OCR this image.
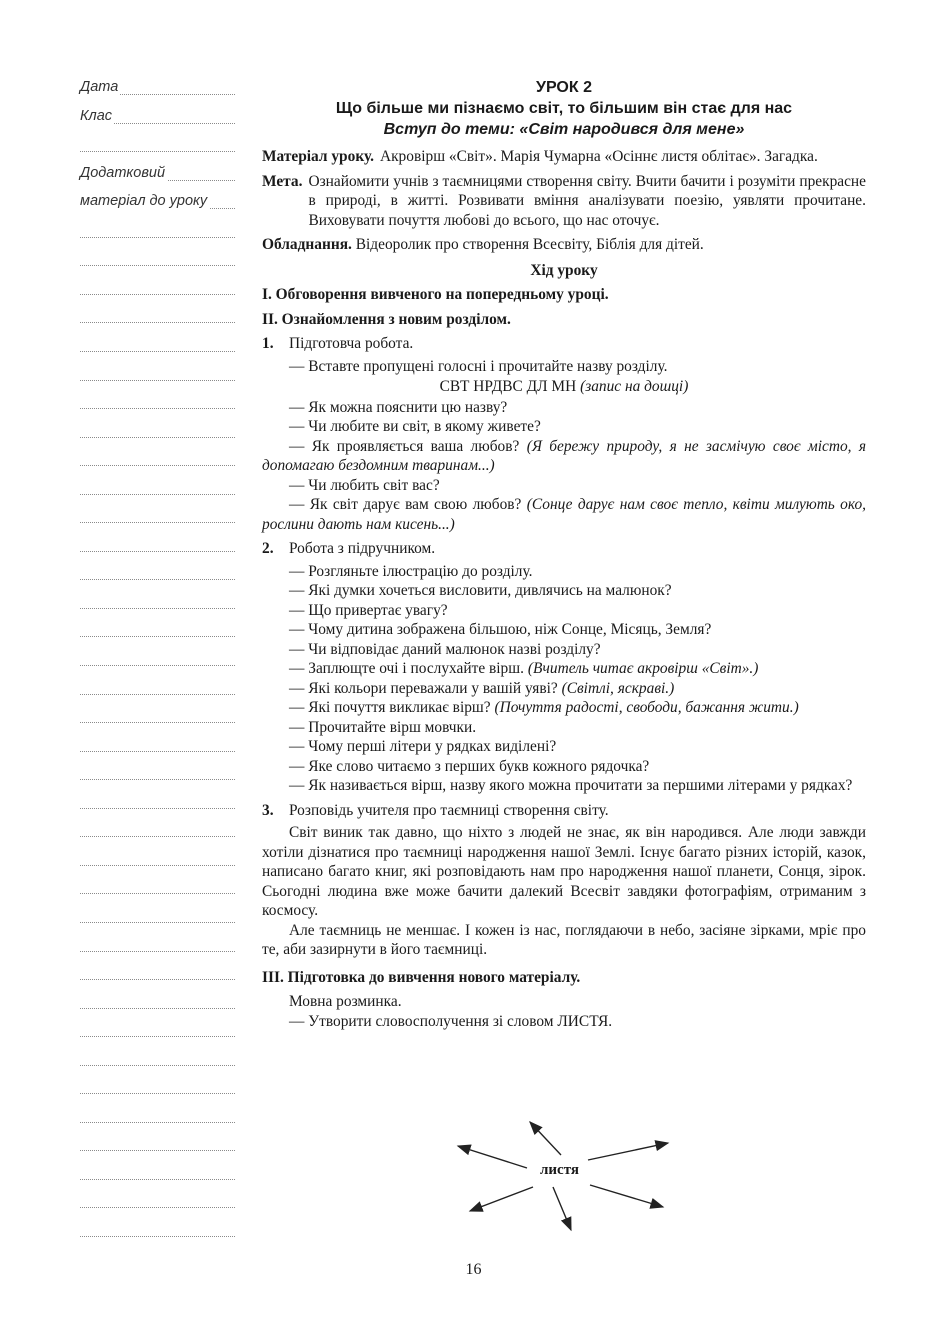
Дата
Клас
Додатковий
матеріал до уроку
УРОК 2
Що більше ми пізнаємо світ, то більшим він стає для нас
Вступ до теми: «Світ народився для мене»
Матеріал уроку. Акровірш «Світ». Марія Чумарна «Осіннє листя облітає». Загадка.
Мета. Ознайомити учнів з таємницями створення світу. Вчити бачити і розуміти прекрасне в природі, в житті. Розвивати вміння аналізувати поезію, уявляти прочитане. Виховувати почуття любові до всього, що нас оточує.
Обладнання. Відеоролик про створення Всесвіту, Біблія для дітей.
Хід уроку
I. Обговорення вивченого на попередньому уроці.
II. Ознайомлення з новим розділом.
1.	Підготовча робота.
— Вставте пропущені голосні і прочитайте назву розділу.
СВТ НРДВС ДЛ МН (запис на дошці)
— Як можна пояснити цю назву?
— Чи любите ви світ, в якому живете?
— Як проявляється ваша любов? (Я бережу природу, я не засмічую своє місто, я допомагаю бездомним тваринам...)
— Чи любить світ вас?
— Як світ дарує вам свою любов? (Сонце дарує нам своє тепло, квіти милують око, рослини дають нам кисень...)
2.	Робота з підручником.
— Розгляньте ілюстрацію до розділу.
— Які думки хочеться висловити, дивлячись на малюнок?
— Що привертає увагу?
— Чому дитина зображена більшою, ніж Сонце, Місяць, Земля?
— Чи відповідає даний малюнок назві розділу?
— Заплющте очі і послухайте вірш. (Вчитель читає акровірш «Світ».)
— Які кольори переважали у вашій уяві? (Світлі, яскраві.)
— Які почуття викликає вірш? (Почуття радості, свободи, бажання жити.)
— Прочитайте вірш мовчки.
— Чому перші літери у рядках виділені?
— Яке слово читаємо з перших букв кожного рядочка?
— Як називається вірш, назву якого можна прочитати за першими літерами у рядках?
3.	Розповідь учителя про таємниці створення світу.
Світ виник так давно, що ніхто з людей не знає, як він народився. Але люди завжди хотіли дізнатися про таємниці народження нашої Землі. Існує багато різних історій, казок, написано багато книг, які розповідають нам про народження нашої планети, Сонця, зірок. Сьогодні людина вже може бачити далекий Всесвіт завдяки фотографіям, отриманим з космосу.
Але таємниць не меншає. І кожен із нас, поглядаючи в небо, засіяне зірками, мріє про те, аби зазирнути в його таємниці.
III. Підготовка до вивчення нового матеріалу.
Мовна розминка.
— Утворити словосполучення зі словом ЛИСТЯ.
листя
16
